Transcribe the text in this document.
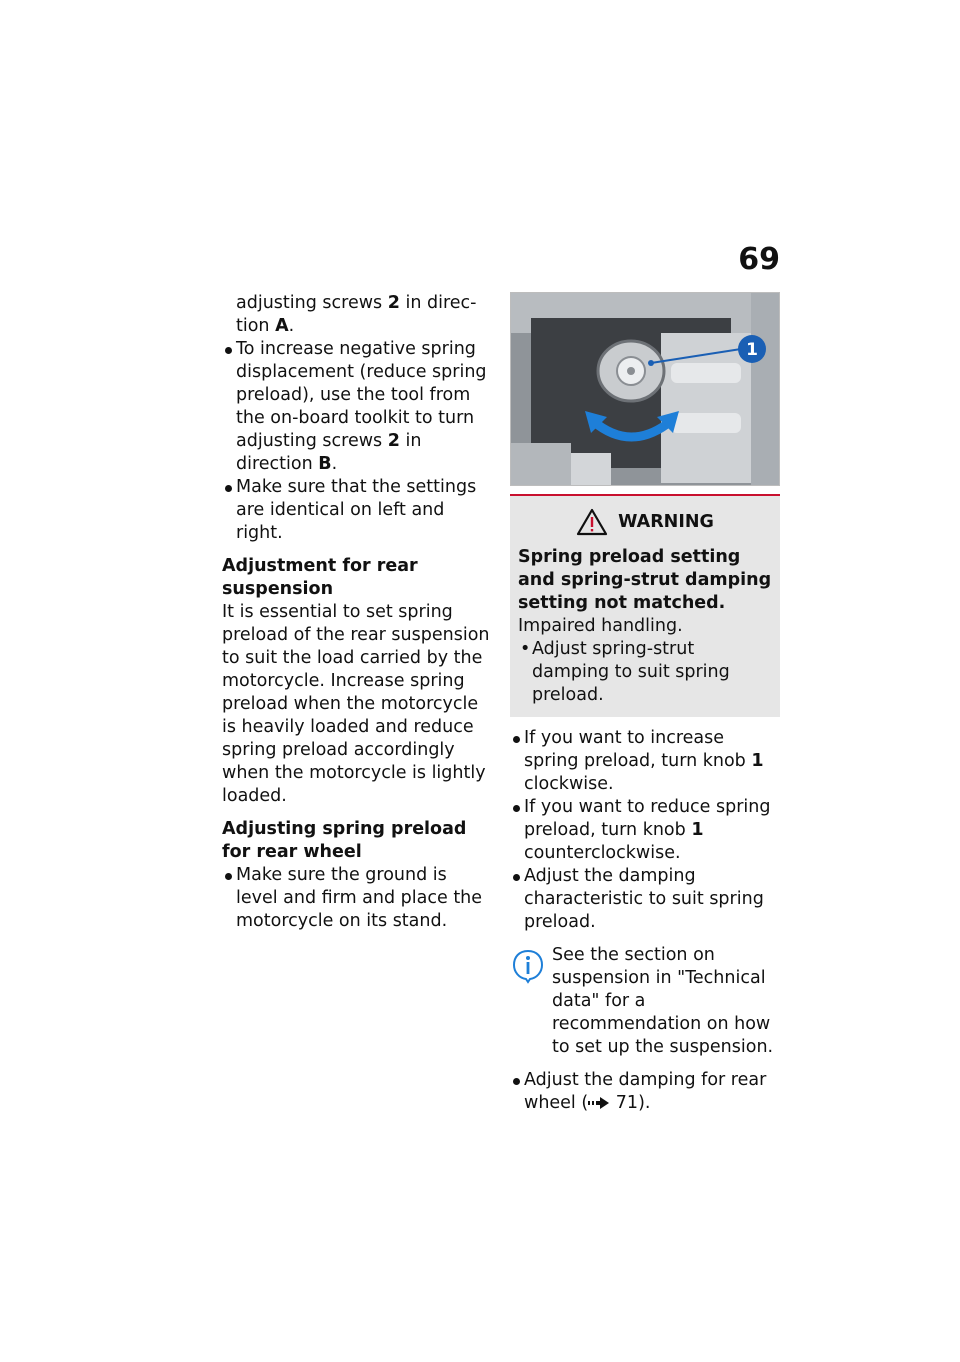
69

adjusting screws 2 in direc- tion A.

To increase negative spring displacement (reduce spring preload), use the tool from the on-board toolkit to turn adjusting screws 2 in direction B.

Make sure that the settings are identical on left and right.

Adjustment for rear suspension

It is essential to set spring preload of the rear suspension to suit the load carried by the motorcycle. Increase spring preload when the motorcycle is heavily loaded and reduce spring preload accordingly when the motorcycle is lightly loaded.

Adjusting spring preload for rear wheel

Make sure the ground is level and firm and place the motorcycle on its stand.

1
WARNING
Spring preload setting and spring-strut damping setting not matched.

Impaired handling.

• Adjust spring-strut damping to suit spring preload.

If you want to increase spring preload, turn knob 1 clockwise.

If you want to reduce spring preload, turn knob 1 counterclockwise.

Adjust the damping characteristic to suit spring preload.

See the section on suspension in "Technical data" for a recommendation on how to set up the suspension.

Adjust the damping for rear wheel ( 71).
